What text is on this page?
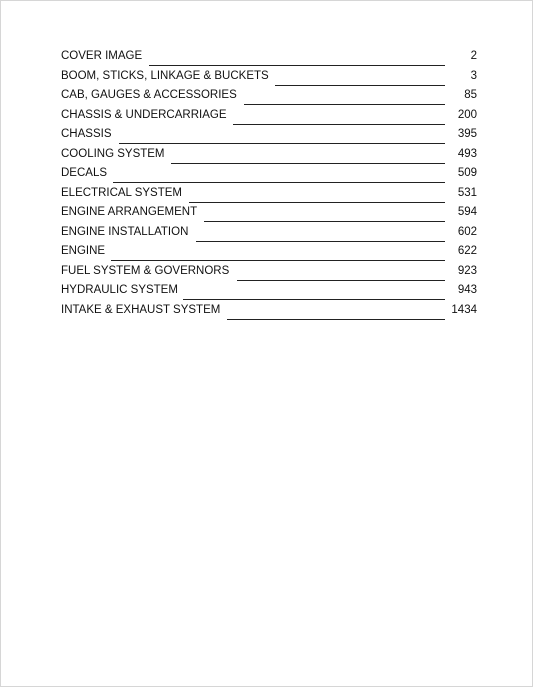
COVER IMAGE	2
BOOM, STICKS, LINKAGE & BUCKETS	3
CAB, GAUGES & ACCESSORIES	85
CHASSIS & UNDERCARRIAGE	200
CHASSIS	395
COOLING SYSTEM	493
DECALS	509
ELECTRICAL SYSTEM	531
ENGINE ARRANGEMENT	594
ENGINE INSTALLATION	602
ENGINE	622
FUEL SYSTEM & GOVERNORS	923
HYDRAULIC SYSTEM	943
INTAKE & EXHAUST SYSTEM	1434
